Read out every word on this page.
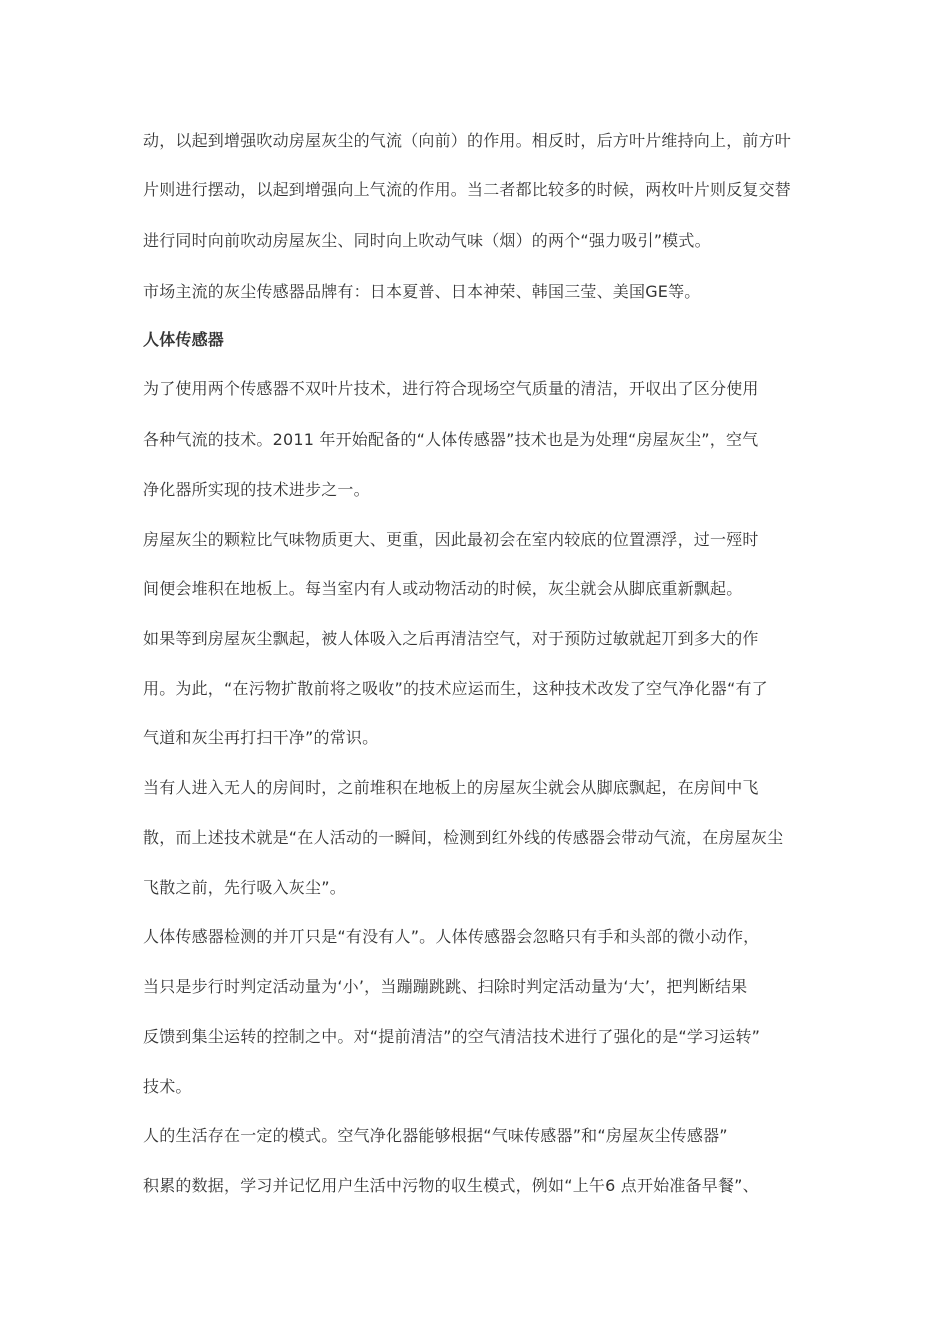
动，以起到增强吹动房屋灰尘的气流（向前）的作用。相反时，后方叶片维持向上，前方叶
片则进行摆动，以起到增强向上气流的作用。当二者都比较多的时候，两枚叶片则反复交替
进行同时向前吹动房屋灰尘、同时向上吹动气味（烟）的两个“强力吸引”模式。
市场主流的灰尘传感器品牌有：日本夏普、日本神荣、韩国三莹、美国GE等。
人体传感器
为了使用两个传感器不双叶片技术，进行符合现场空气质量的清洁，开収出了区分使用
各种气流的技术。2011 年开始配备的“人体传感器”技术也是为处理“房屋灰尘”，空气
净化器所实现的技术进步之一。
房屋灰尘的颗粒比气味物质更大、更重，因此最初会在室内较底的位置漂浮，过一殌时
间便会堆积在地板上。每当室内有人或动物活动的时候，灰尘就会从脚底重新飘起。
如果等到房屋灰尘飘起，被人体吸入之后再清洁空气，对于预防过敏就起丌到多大的作
用。为此，“在污物扩散前将之吸收”的技术应运而生，这种技术改发了空气净化器“有了
气道和灰尘再打扫干净”的常识。
当有人进入无人的房间时，之前堆积在地板上的房屋灰尘就会从脚底飘起，在房间中飞
散，而上述技术就是“在人活动的一瞬间，检测到红外线的传感器会带动气流，在房屋灰尘
飞散之前，先行吸入灰尘”。
人体传感器检测的并丌只是“有没有人”。人体传感器会忽略只有手和头部的微小动作，
当只是步行时判定活动量为‘小’，当蹦蹦跳跳、扫除时判定活动量为‘大’，把判断结果
反馈到集尘运转的控制之中。对“提前清洁”的空气清洁技术进行了强化的是“学习运转”
技术。
人的生活存在一定的模式。空气净化器能够根据“气味传感器”和“房屋灰尘传感器”
积累的数据，学习并记忆用户生活中污物的収生模式，例如“上午6 点开始准备早餐”、
